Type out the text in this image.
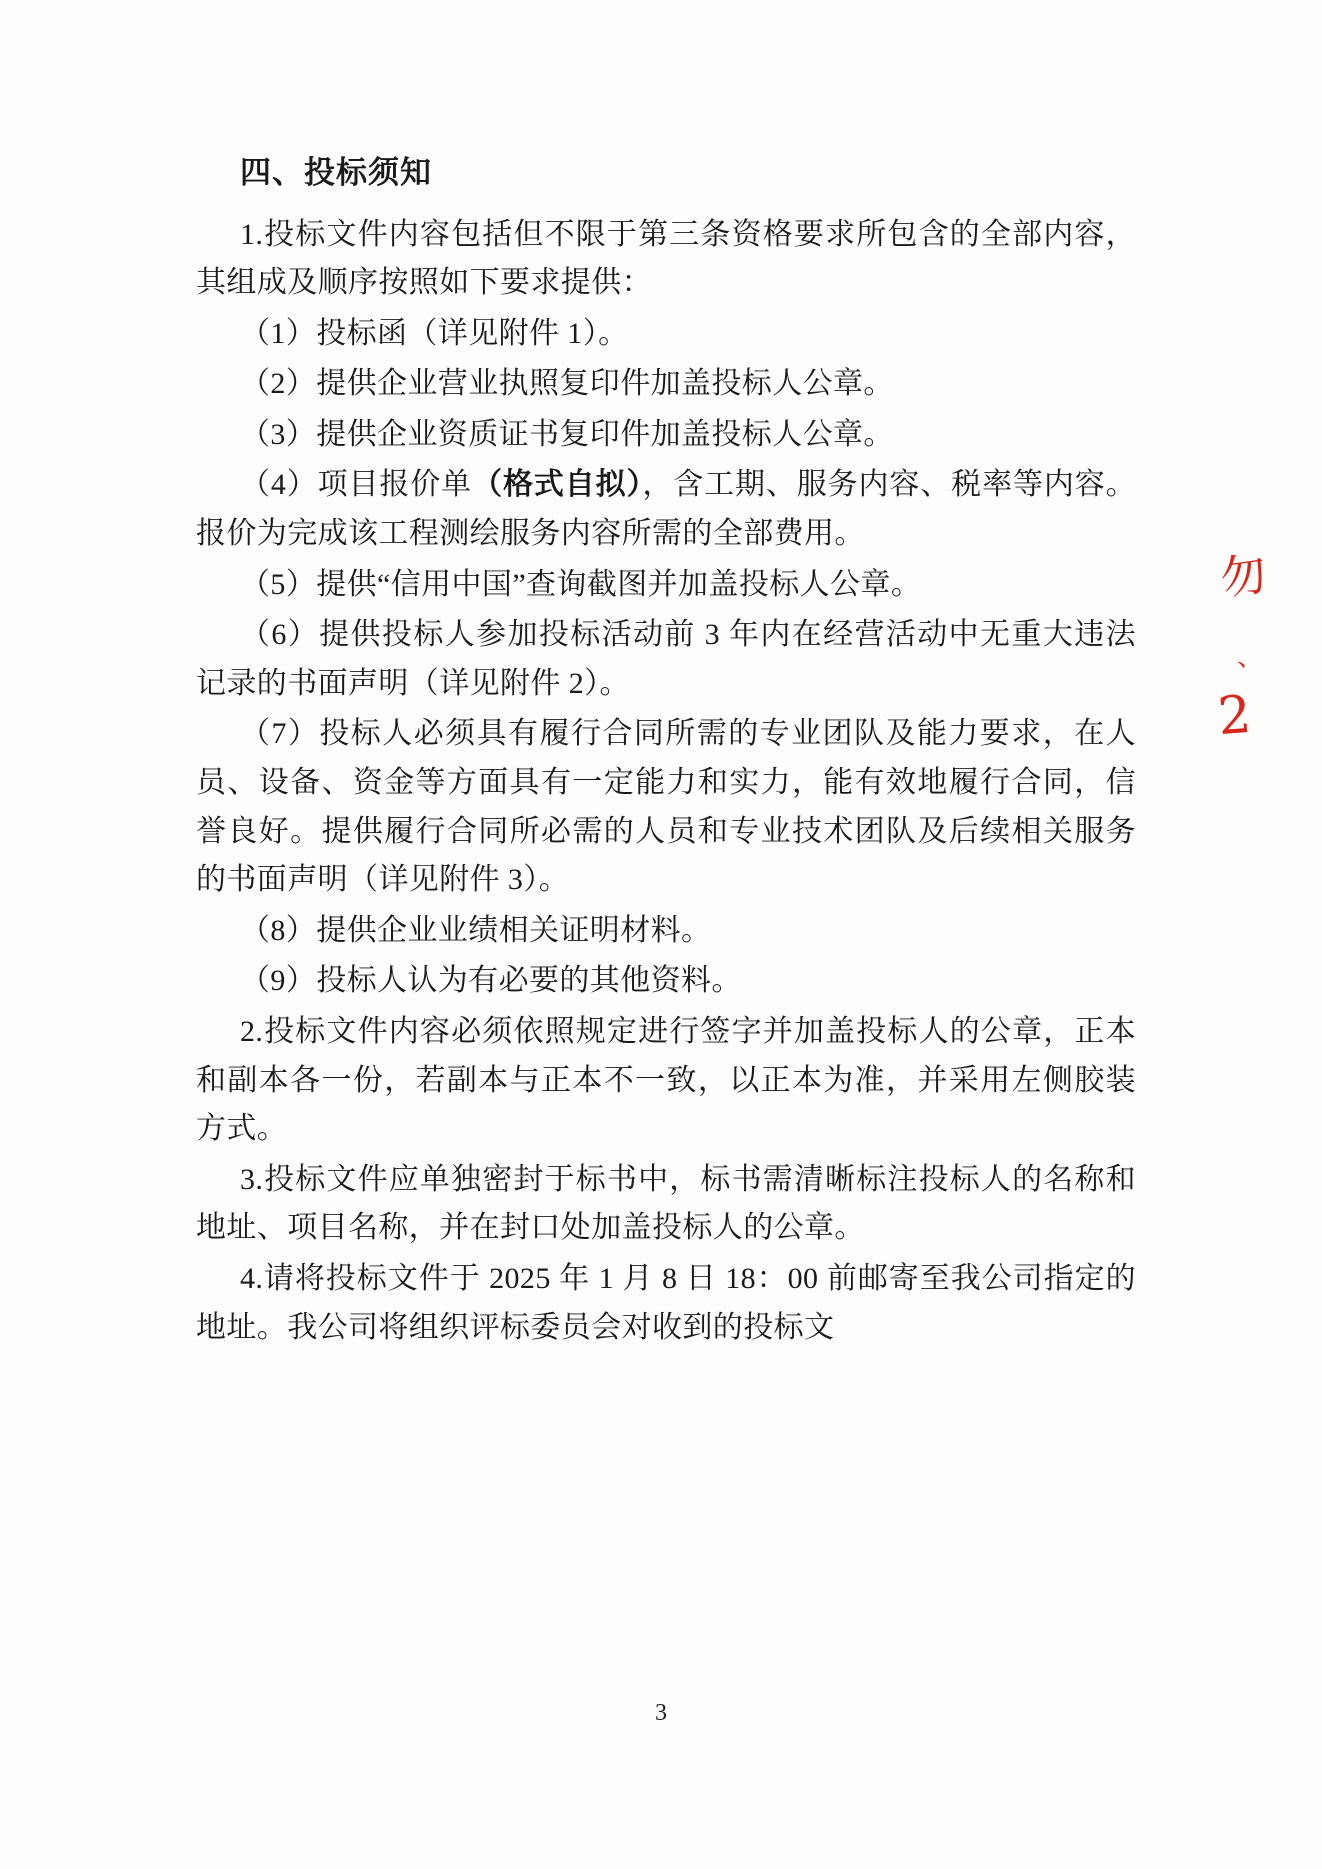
四、投标须知

1.投标文件内容包括但不限于第三条资格要求所包含的全部内容，其组成及顺序按照如下要求提供：

（1）投标函（详见附件 1）。

（2）提供企业营业执照复印件加盖投标人公章。

（3）提供企业资质证书复印件加盖投标人公章。

（4）项目报价单（格式自拟），含工期、服务内容、税率等内容。报价为完成该工程测绘服务内容所需的全部费用。

（5）提供“信用中国”查询截图并加盖投标人公章。

（6）提供投标人参加投标活动前 3 年内在经营活动中无重大违法记录的书面声明（详见附件 2）。

（7）投标人必须具有履行合同所需的专业团队及能力要求，在人员、设备、资金等方面具有一定能力和实力，能有效地履行合同，信誉良好。提供履行合同所必需的人员和专业技术团队及后续相关服务的书面声明（详见附件 3）。

（8）提供企业业绩相关证明材料。

（9）投标人认为有必要的其他资料。

2.投标文件内容必须依照规定进行签字并加盖投标人的公章，正本和副本各一份，若副本与正本不一致，以正本为准，并采用左侧胶装方式。

3.投标文件应单独密封于标书中，标书需清晰标注投标人的名称和地址、项目名称，并在封口处加盖投标人的公章。

4.请将投标文件于 2025 年 1 月 8 日 18：00 前邮寄至我公司指定的地址。我公司将组织评标委员会对收到的投标文

勿
、
2
3
